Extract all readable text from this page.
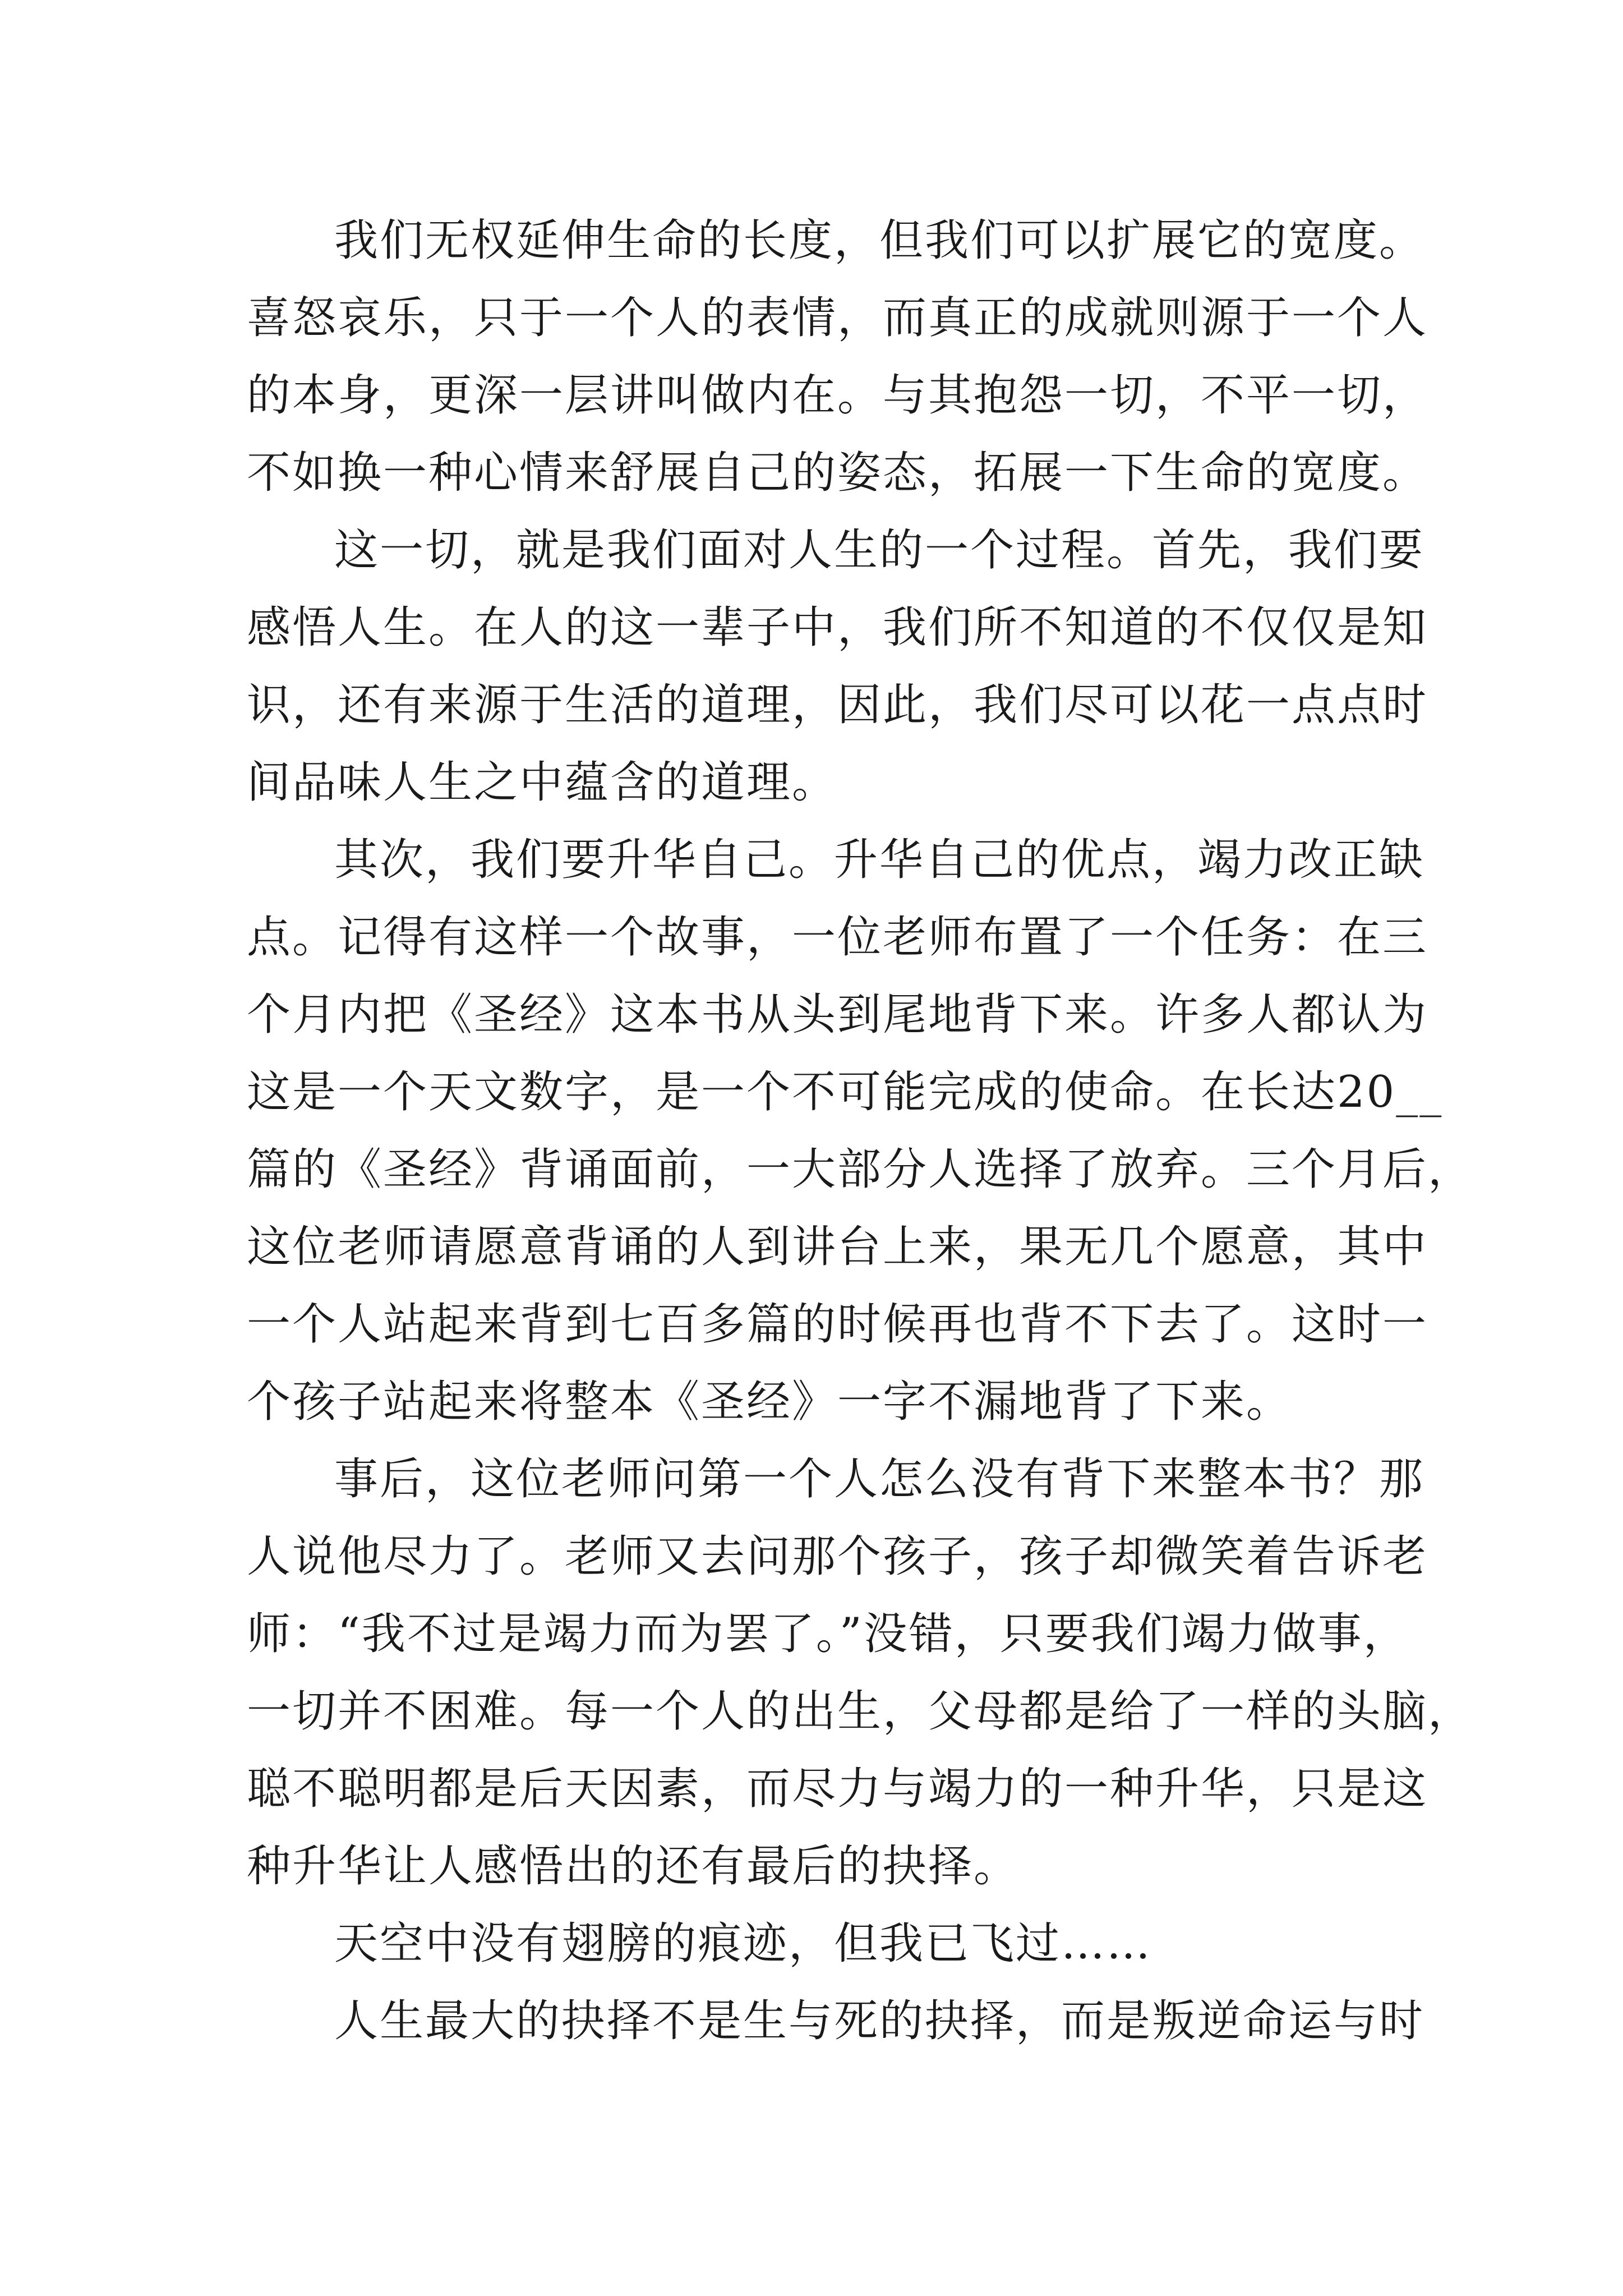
我们无权延伸生命的长度，但我们可以扩展它的宽度。
喜怒哀乐，只于一个人的表情，而真正的成就则源于一个人
的本身，更深一层讲叫做内在。与其抱怨一切，不平一切，
不如换一种心情来舒展自己的姿态，拓展一下生命的宽度。
这一切，就是我们面对人生的一个过程。首先，我们要
感悟人生。在人的这一辈子中，我们所不知道的不仅仅是知
识，还有来源于生活的道理，因此，我们尽可以花一点点时
间品味人生之中蕴含的道理。
其次，我们要升华自己。升华自己的优点，竭力改正缺
点。记得有这样一个故事，一位老师布置了一个任务：在三
个月内把《圣经》这本书从头到尾地背下来。许多人都认为
这是一个天文数字，是一个不可能完成的使命。在长达20__
篇的《圣经》背诵面前，一大部分人选择了放弃。三个月后，
这位老师请愿意背诵的人到讲台上来，果无几个愿意，其中
一个人站起来背到七百多篇的时候再也背不下去了。这时一
个孩子站起来将整本《圣经》一字不漏地背了下来。
事后，这位老师问第一个人怎么没有背下来整本书？那
人说他尽力了。老师又去问那个孩子，孩子却微笑着告诉老
师：“我不过是竭力而为罢了。”没错，只要我们竭力做事，
一切并不困难。每一个人的出生，父母都是给了一样的头脑，
聪不聪明都是后天因素，而尽力与竭力的一种升华，只是这
种升华让人感悟出的还有最后的抉择。
天空中没有翅膀的痕迹，但我已飞过……
人生最大的抉择不是生与死的抉择，而是叛逆命运与时
